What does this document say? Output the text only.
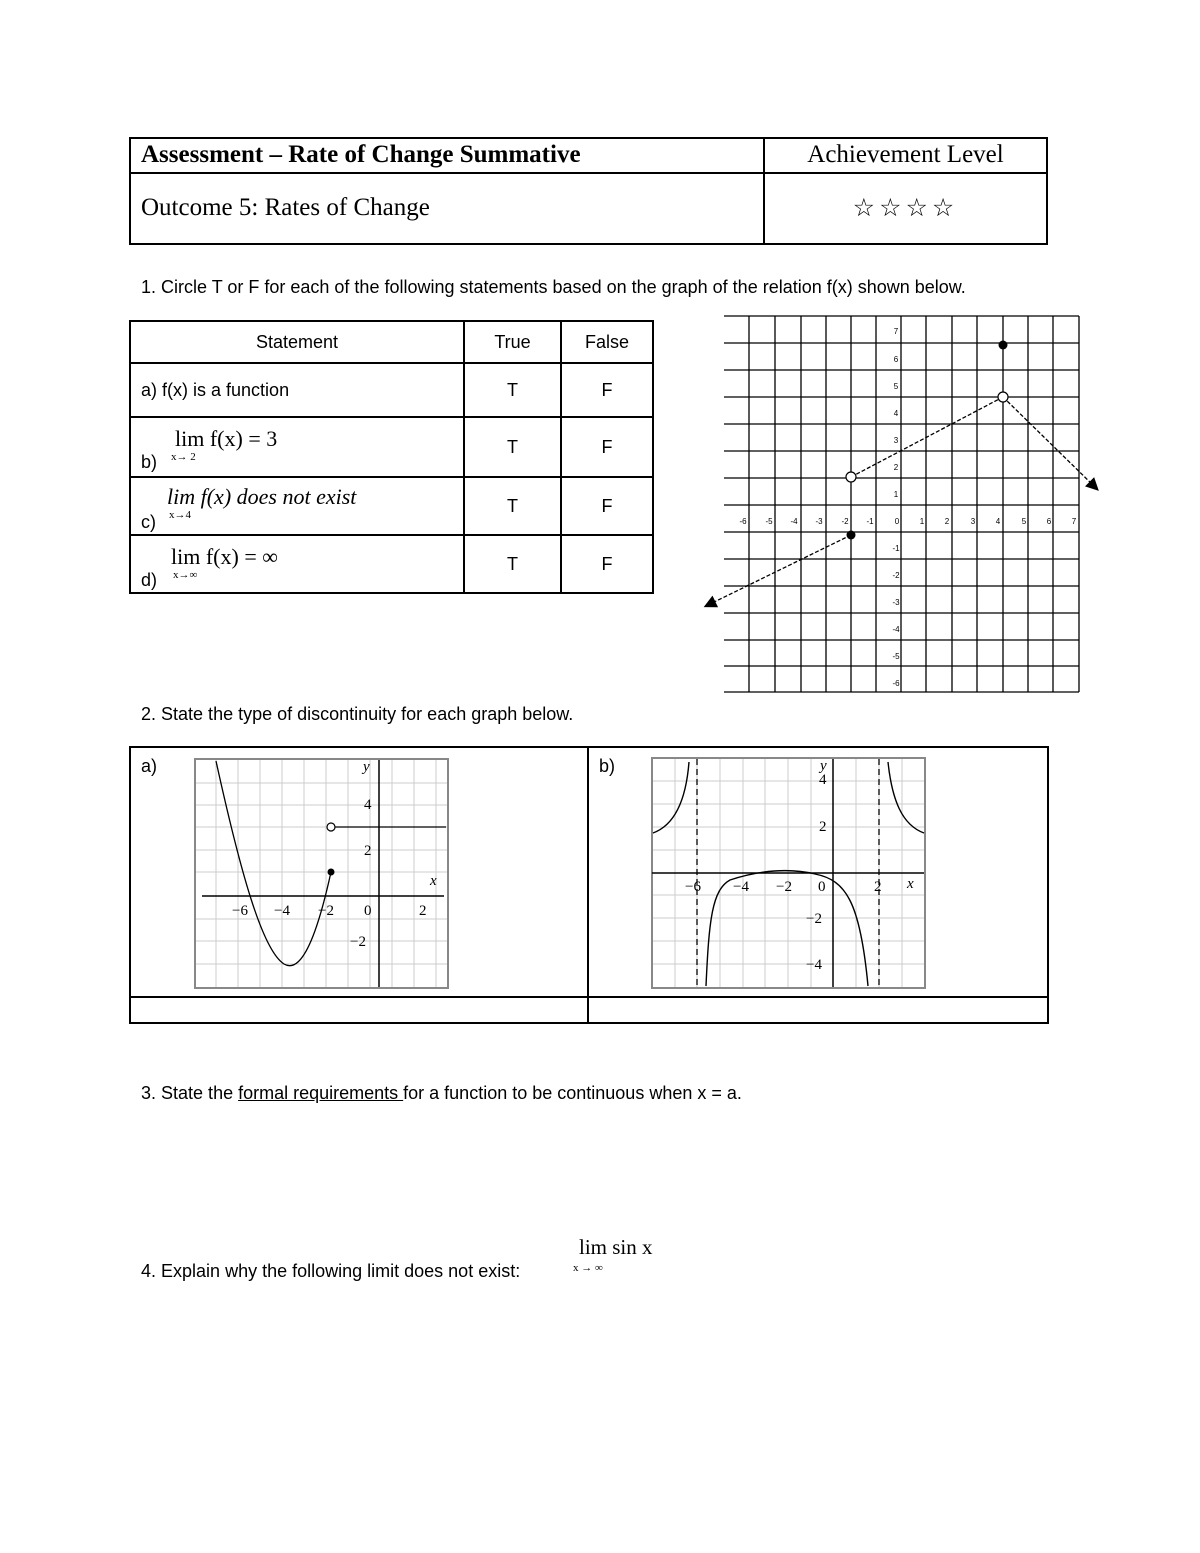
Assessment – Rate of Change Summative	Achievement Level
Outcome 5: Rates of Change	☆☆☆☆
1. Circle T or F for each of the following statements based on the graph of the relation f(x) shown below.
Statement	True	False
a) f(x) is a function	T	F

lim f(x) = 3
x→ 2
b)	T	F

lim f(x) does not exist
x→4
c)	T	F

lim f(x) = ∞
x→∞
d)	T	F
-6 -5 -4 -3 -2 -1	0	1	2	3	4	5	6	7
7
6
5
4
3
2
1
-1
-2
-3
-4
-5
-6
2. State the type of discontinuity for each graph below.
a)	b)

x
y
−6 −4 −2 0	2
4
2
−2
x
y
−6 −4 −2 0	2
4
2
−2
−4
3. State the formal requirements for a function to be continuous when x = a.
4. Explain why the following limit does not exist:
lim sin x
x → ∞
